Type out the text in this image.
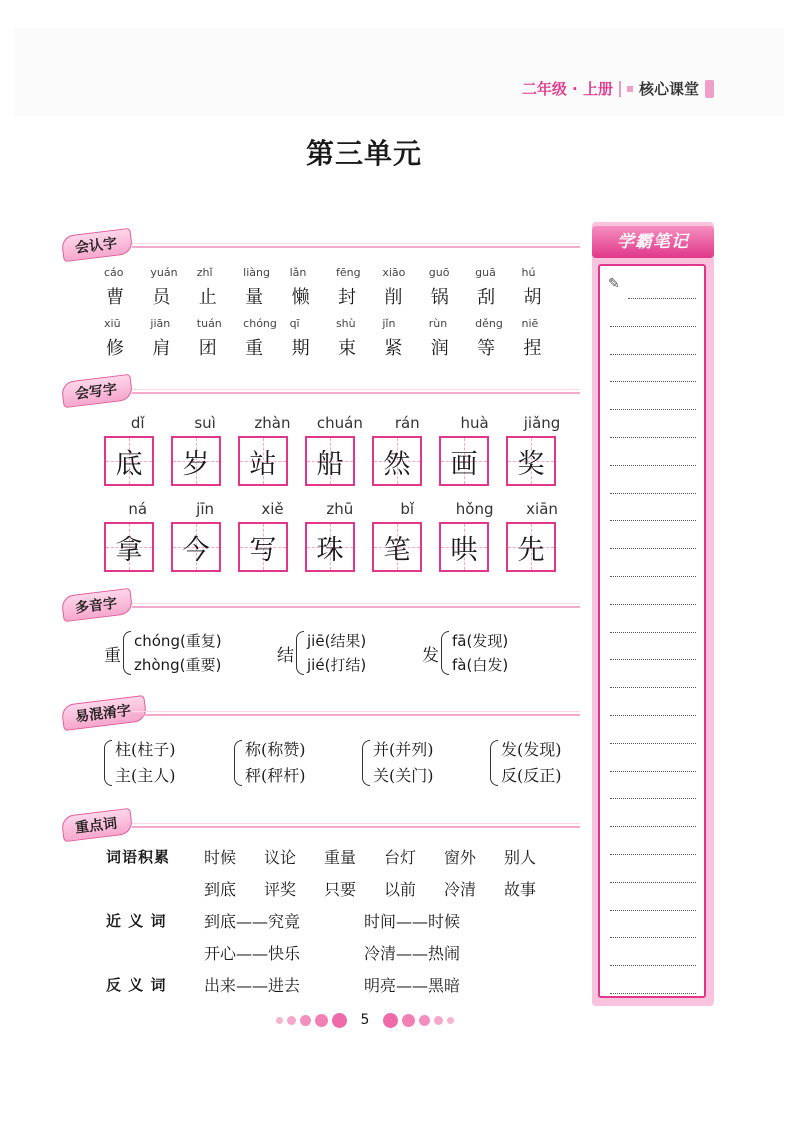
二年级 · 上册 核心课堂
第三单元
会认字
cáo	yuán	zhǐ	liàng	lǎn	fēng	xiāo	guō	guā	hú
曹	员	止	量	懒	封	削	锅	刮	胡
xiū	jiān	tuán	chóng	qī	shù	jǐn	rùn	děng	niē
修	肩	团	重	期	束	紧	润	等	捏
会写字
dǐ	suì	zhàn	chuán	rán	huà	jiǎng
底 岁 站 船 然 画 奖
ná	jīn	xiě	zhū	bǐ	hǒng	xiān
拿 今 写 珠 笔 哄 先
多音字
重
chóng(重复)
zhòng(重要)	结
jiē(结果)
jié(打结)	发
fā(发现)
fà(白发)
易混淆字
柱(柱子)
主(主人)
称(称赞)
秤(秤杆)
并(并列)
关(关门)
发(发现)
反(反正)
重点词
词语积累 时候	议论	重量	台灯	窗外	别人
到底	评奖	只要	以前	冷清	故事
近 义 词 到底——究竟	时间——时候
开心——快乐	冷清——热闹
反 义 词 出来——进去	明亮——黑暗
5
学霸笔记
✎
